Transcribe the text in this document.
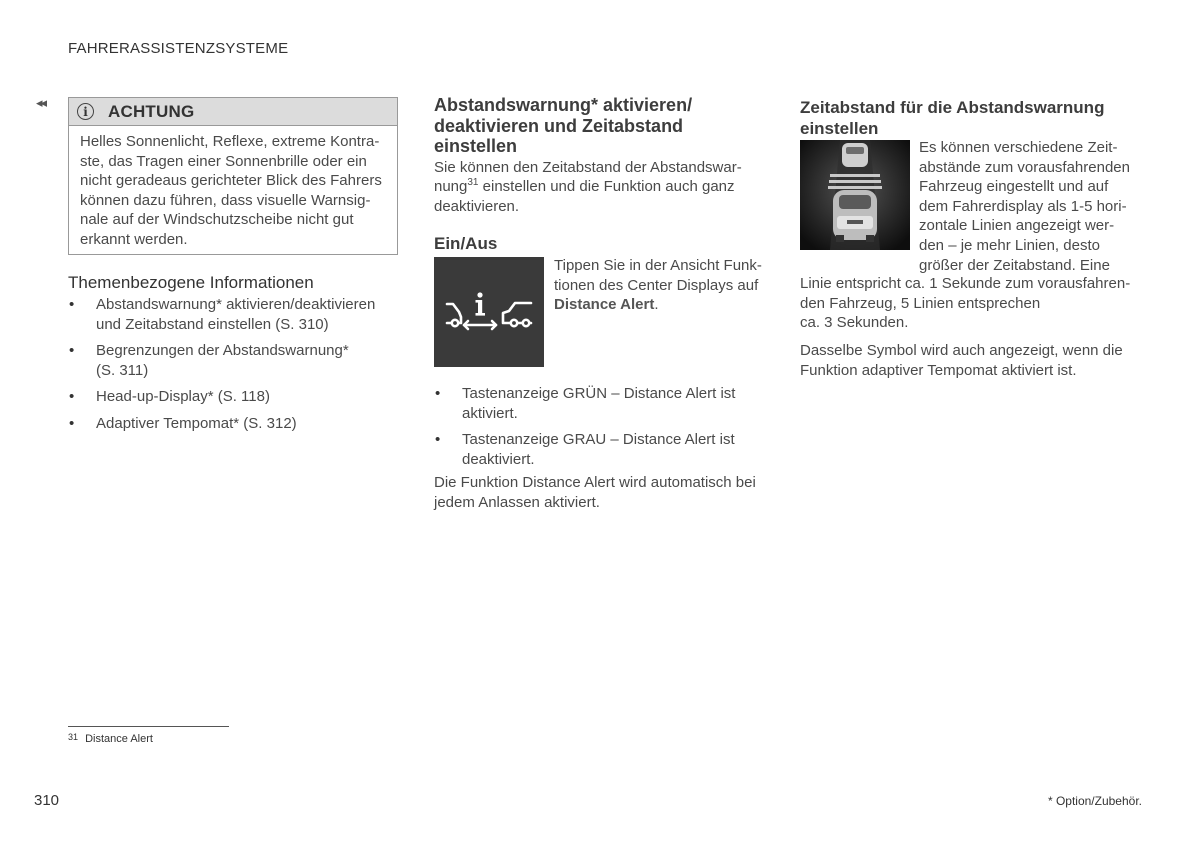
FAHRERASSISTENZSYSTEME
◂◂
i	ACHTUNG
Helles Sonnenlicht, Reflexe, extreme Kontra-
ste, das Tragen einer Sonnenbrille oder ein
nicht geradeaus gerichteter Blick des Fahrers
können dazu führen, dass visuelle Warnsig-
nale auf der Windschutzscheibe nicht gut
erkannt werden.
Themenbezogene Informationen
• Abstandswarnung* aktivieren/deaktivieren
und Zeitabstand einstellen (S. 310)
• Begrenzungen der Abstandswarnung*
(S. 311)
• Head-up-Display* (S. 118)
• Adaptiver Tempomat* (S. 312)
Abstandswarnung* aktivieren/
deaktivieren und Zeitabstand
einstellen
Sie können den Zeitabstand der Abstandswar-
nung$^{31}$ einstellen und die Funktion auch ganz
deaktivieren.
Ein/Aus
Tippen Sie in der Ansicht Funk-
tionen des Center Displays auf
Distance Alert.
• Tastenanzeige GRÜN – Distance Alert ist
aktiviert.
• Tastenanzeige GRAU – Distance Alert ist
deaktiviert.
Die Funktion Distance Alert wird automatisch bei
jedem Anlassen aktiviert.
Zeitabstand für die Abstandswarnung
einstellen
Es können verschiedene Zeit-
abstände zum vorausfahrenden
Fahrzeug eingestellt und auf
dem Fahrerdisplay als 1-5 hori-
zontale Linien angezeigt wer-
den – je mehr Linien, desto
größer der Zeitabstand. Eine
Linie entspricht ca. 1 Sekunde zum vorausfahren-
den Fahrzeug, 5 Linien entsprechen
ca. 3 Sekunden.
Dasselbe Symbol wird auch angezeigt, wenn die
Funktion adaptiver Tempomat aktiviert ist.
31 Distance Alert
310	* Option/Zubehör.
